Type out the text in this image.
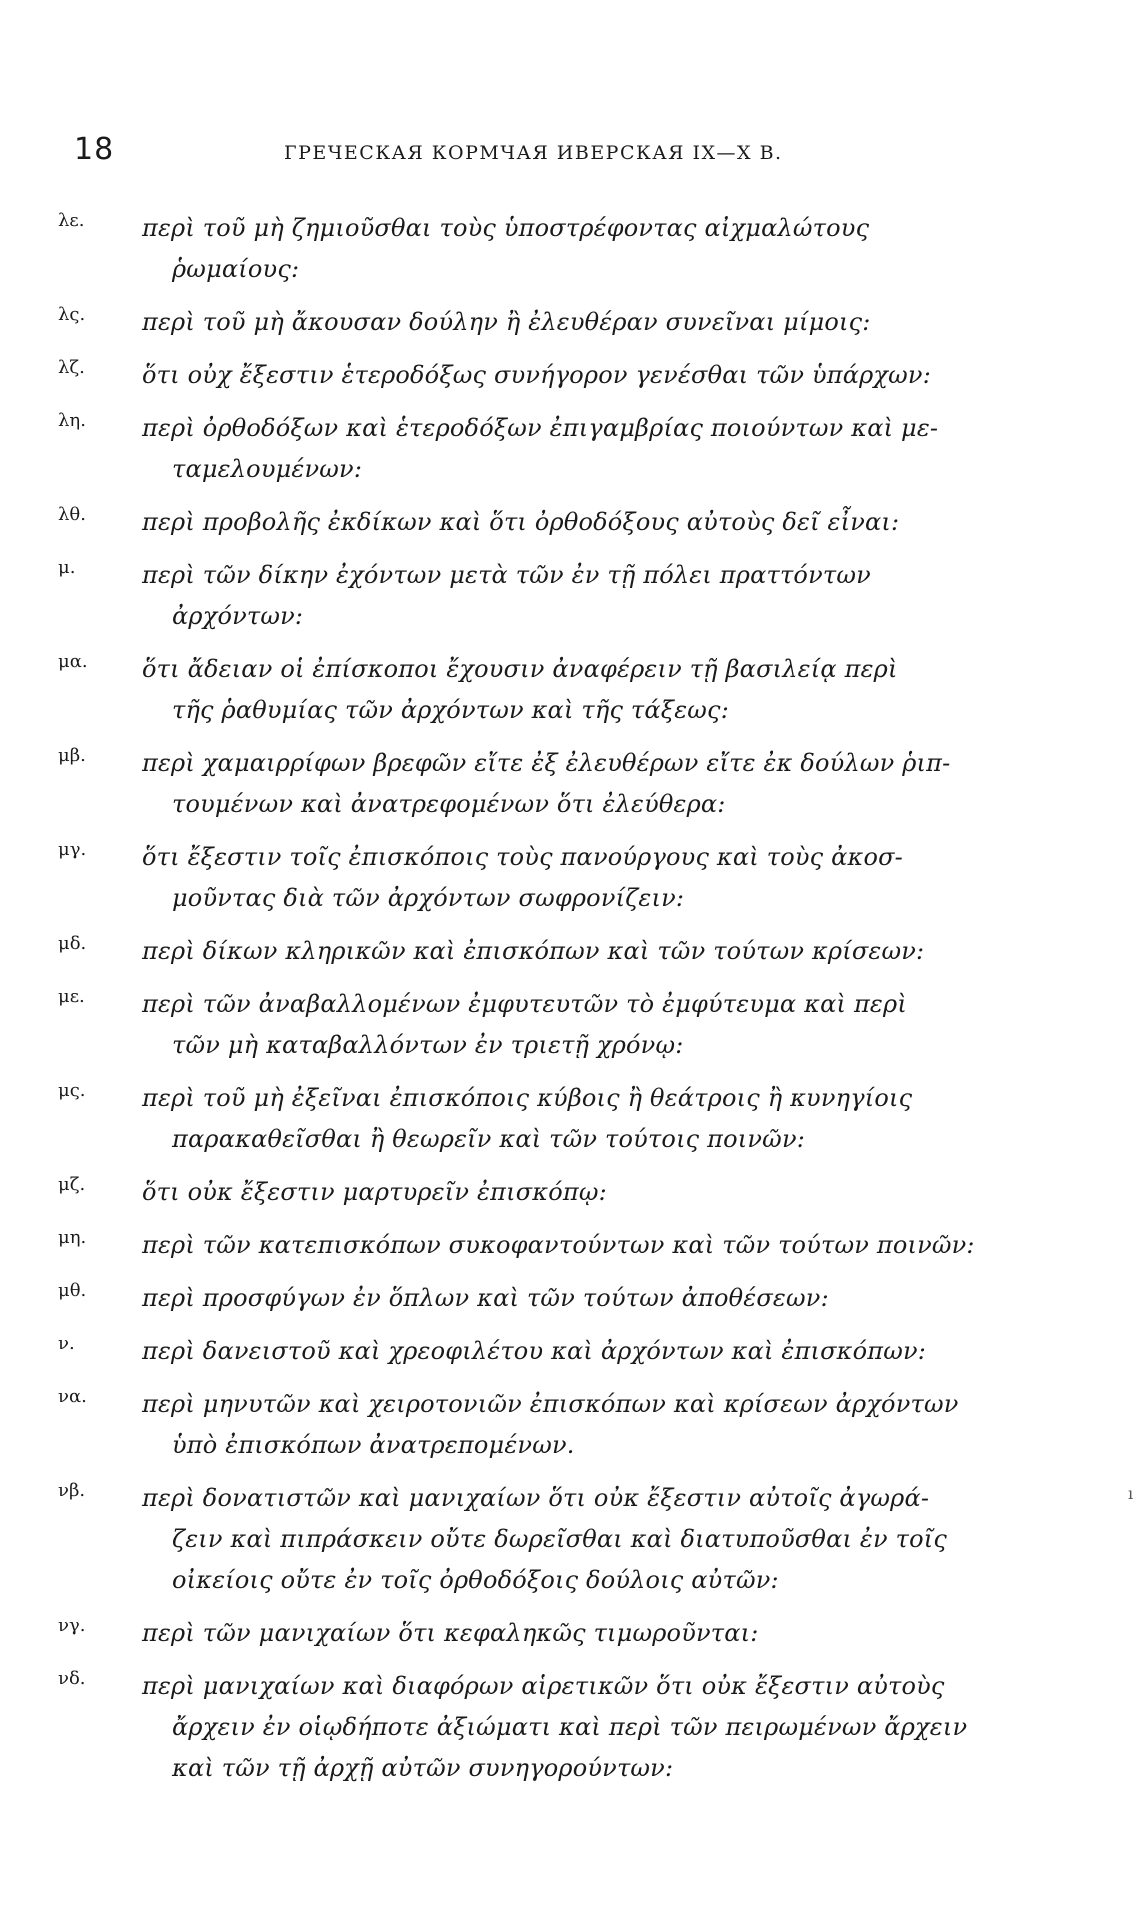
18	ГРЕЧЕСКАЯ КОРМЧАЯ ИВЕРСКАЯ IX—X В.
λε.	περὶ τοῦ μὴ ζημιοῦσθαι τοὺς ὑποστρέφοντας αἰχμαλώτους
ῥωμαίους:
λς.	περὶ τοῦ μὴ ἄκουσαν δούλην ἢ ἐλευθέραν συνεῖναι μίμοις:
λζ.	ὅτι οὐχ ἔξεστιν ἑτεροδόξως συνήγορον γενέσθαι τῶν ὑπάρχων:
λη.	περὶ ὀρθοδόξων καὶ ἑτεροδόξων ἐπιγαμβρίας ποιούντων καὶ με-
ταμελουμένων:
λθ.	περὶ προβολῆς ἐκδίκων καὶ ὅτι ὀρθοδόξους αὐτοὺς δεῖ εἶναι:
μ.	περὶ τῶν δίκην ἐχόντων μετὰ τῶν ἐν τῇ πόλει πραττόντων
ἀρχόντων:
μα.	ὅτι ἄδειαν οἱ ἐπίσκοποι ἔχουσιν ἀναφέρειν τῇ βασιλείᾳ περὶ
τῆς ῥαθυμίας τῶν ἀρχόντων καὶ τῆς τάξεως:
μβ.	περὶ χαμαιρρίφων βρεφῶν εἴτε ἐξ ἐλευθέρων εἴτε ἐκ δούλων ῥιπ-
τουμένων καὶ ἀνατρεφομένων ὅτι ἐλεύθερα:
μγ.	ὅτι ἔξεστιν τοῖς ἐπισκόποις τοὺς πανούργους καὶ τοὺς ἀκοσ-
μοῦντας διὰ τῶν ἀρχόντων σωφρονίζειν:
μδ.	περὶ δίκων κληρικῶν καὶ ἐπισκόπων καὶ τῶν τούτων κρίσεων:
με.	περὶ τῶν ἀναβαλλομένων ἐμφυτευτῶν τὸ ἐμφύτευμα καὶ περὶ
τῶν μὴ καταβαλλόντων ἐν τριετῇ χρόνῳ:
μς.	περὶ τοῦ μὴ ἐξεῖναι ἐπισκόποις κύβοις ἢ θεάτροις ἢ κυνηγίοις
παρακαθεῖσθαι ἢ θεωρεῖν καὶ τῶν τούτοις ποινῶν:
μζ.	ὅτι οὐκ ἔξεστιν μαρτυρεῖν ἐπισκόπῳ:
μη.	περὶ τῶν κατεπισκόπων συκοφαντούντων καὶ τῶν τούτων ποινῶν:
μθ.	περὶ προσφύγων ἐν ὅπλων καὶ τῶν τούτων ἀποθέσεων:
ν.	περὶ δανειστοῦ καὶ χρεοφιλέτου καὶ ἀρχόντων καὶ ἐπισκόπων:
να.	περὶ μηνυτῶν καὶ χειροτονιῶν ἐπισκόπων καὶ κρίσεων ἀρχόντων
ὑπὸ ἐπισκόπων ἀνατρεπομένων.
νβ.	περὶ δονατιστῶν καὶ μανιχαίων ὅτι οὐκ ἔξεστιν αὐτοῖς ἀγωρά-
ζειν καὶ πιπράσκειν οὔτε δωρεῖσθαι καὶ διατυποῦσθαι ἐν τοῖς
οἰκείοις οὔτε ἐν τοῖς ὀρθοδόξοις δούλοις αὐτῶν:
νγ.	περὶ τῶν μανιχαίων ὅτι κεφαληκῶς τιμωροῦνται:
νδ.	περὶ μανιχαίων καὶ διαφόρων αἱρετικῶν ὅτι οὐκ ἔξεστιν αὐτοὺς
ἄρχειν ἐν οἱῳδήποτε ἀξιώματι καὶ περὶ τῶν πειρωμένων ἄρχειν
καὶ τῶν τῇ ἀρχῇ αὐτῶν συνηγορούντων:
ı
